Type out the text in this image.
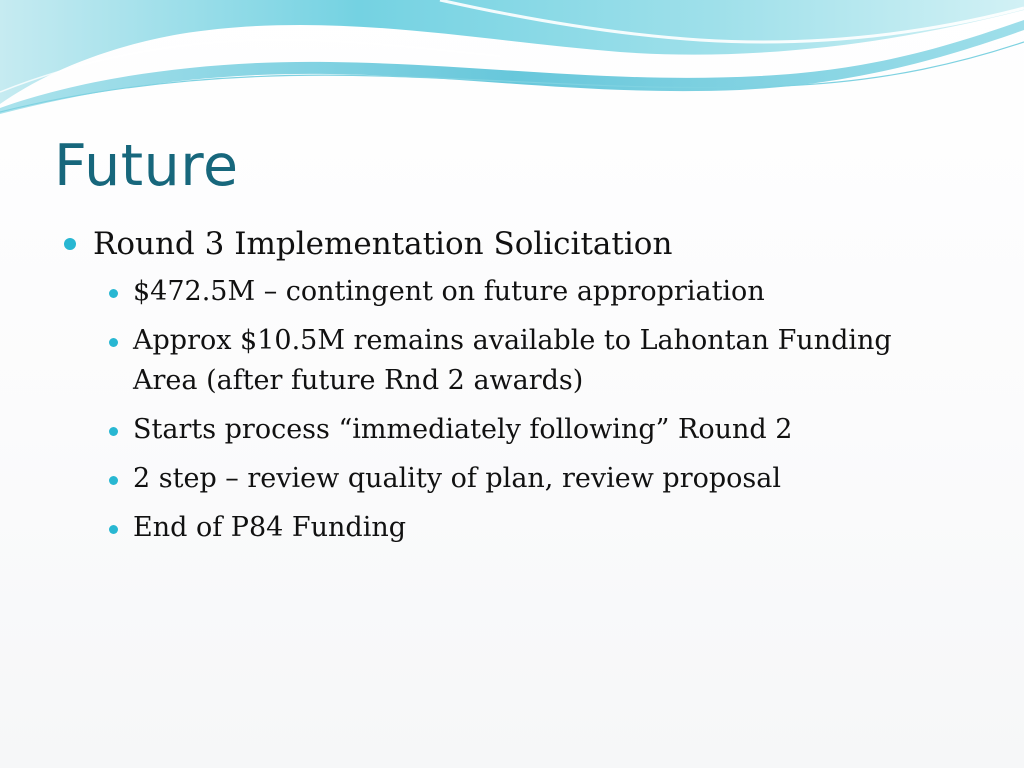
Future
Round 3 Implementation Solicitation
$472.5M – contingent on future appropriation
Approx $10.5M remains available to Lahontan Funding Area (after future Rnd 2 awards)
Starts process “immediately following” Round 2
2 step – review quality of plan, review proposal
End of P84 Funding
